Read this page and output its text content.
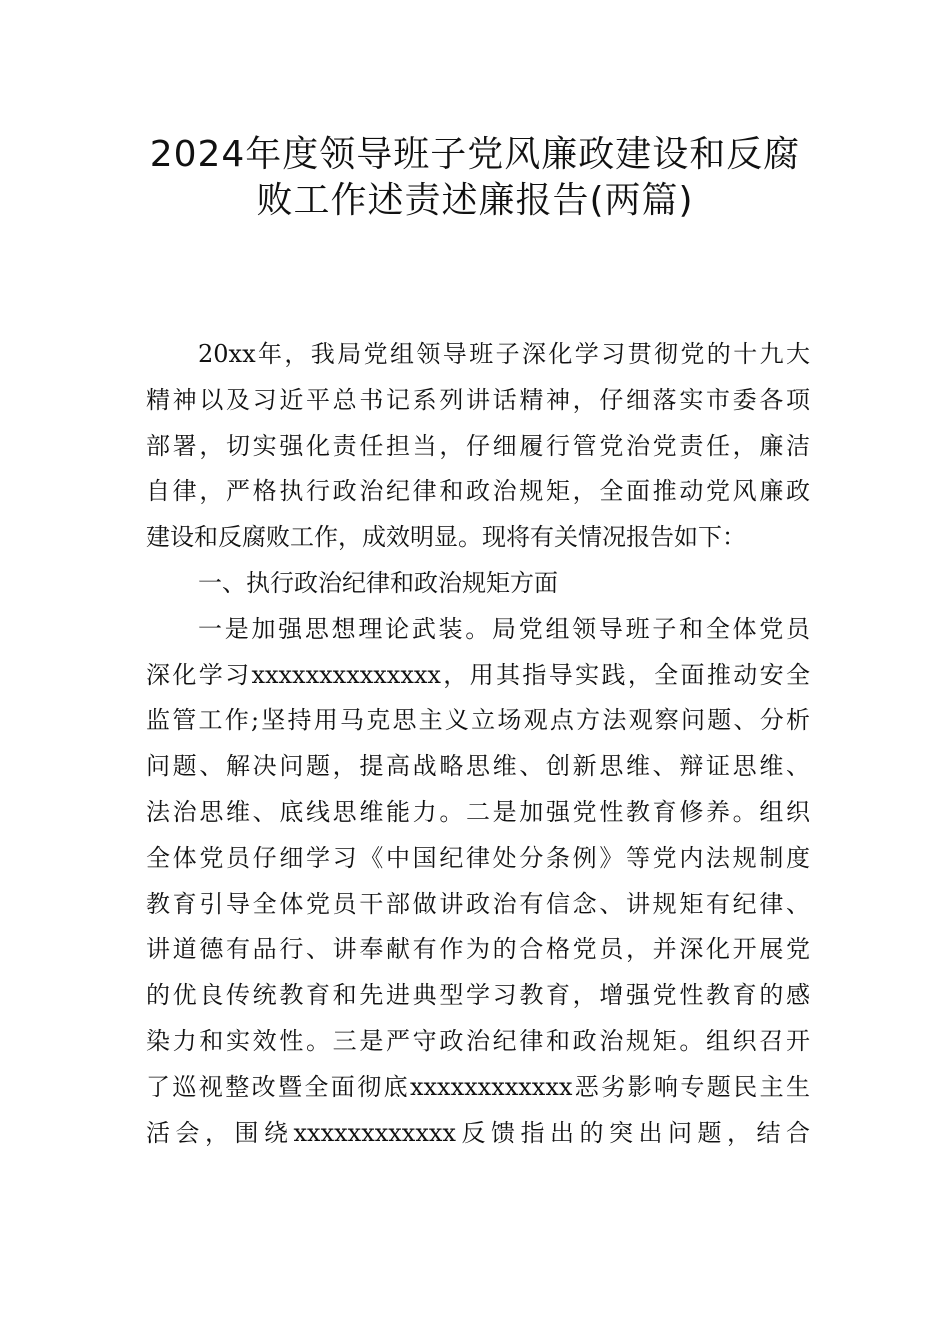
2024年度领导班子党风廉政建设和反腐
败工作述责述廉报告(两篇)
20xx年，我局党组领导班子深化学习贯彻党的十九大
精神以及习近平总书记系列讲话精神，仔细落实市委各项
部署，切实强化责任担当，仔细履行管党治党责任，廉洁
自律，严格执行政治纪律和政治规矩，全面推动党风廉政
建设和反腐败工作，成效明显。现将有关情况报告如下：
一、执行政治纪律和政治规矩方面
一是加强思想理论武装。局党组领导班子和全体党员
深化学习xxxxxxxxxxxxxx，用其指导实践，全面推动安全
监管工作;坚持用马克思主义立场观点方法观察问题、分析
问题、解决问题，提高战略思维、创新思维、辩证思维、
法治思维、底线思维能力。二是加强党性教育修养。组织
全体党员仔细学习《中国纪律处分条例》等党内法规制度
教育引导全体党员干部做讲政治有信念、讲规矩有纪律、
讲道德有品行、讲奉献有作为的合格党员，并深化开展党
的优良传统教育和先进典型学习教育，增强党性教育的感
染力和实效性。三是严守政治纪律和政治规矩。组织召开
了巡视整改暨全面彻底xxxxxxxxxxxx恶劣影响专题民主生
活会，围绕xxxxxxxxxxxx反馈指出的突出问题，结合
